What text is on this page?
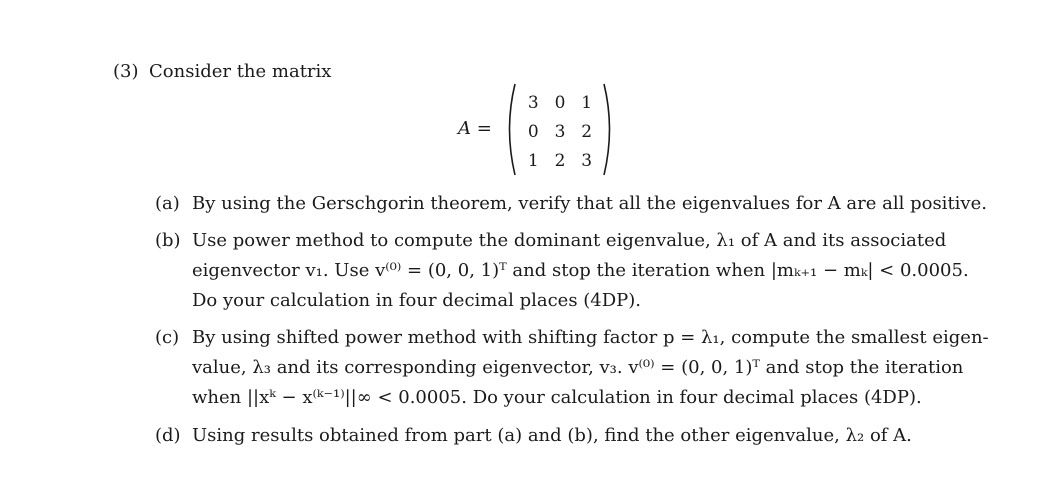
(3) Consider the matrix
A =
3 0 1
0 3 2
1 2 3
(a) By using the Gerschgorin theorem, verify that all the eigenvalues for A are all positive.
(b) Use power method to compute the dominant eigenvalue, λ₁ of A and its associated
eigenvector v₁. Use v⁽⁰⁾ = (0, 0, 1)ᵀ and stop the iteration when |mₖ₊₁ − mₖ| < 0.0005.
Do your calculation in four decimal places (4DP).
(c) By using shifted power method with shifting factor p = λ₁, compute the smallest eigen-
value, λ₃ and its corresponding eigenvector, v₃. v⁽⁰⁾ = (0, 0, 1)ᵀ and stop the iteration
when ||xᵏ − x⁽ᵏ⁻¹⁾||∞ < 0.0005. Do your calculation in four decimal places (4DP).
(d) Using results obtained from part (a) and (b), find the other eigenvalue, λ₂ of A.
